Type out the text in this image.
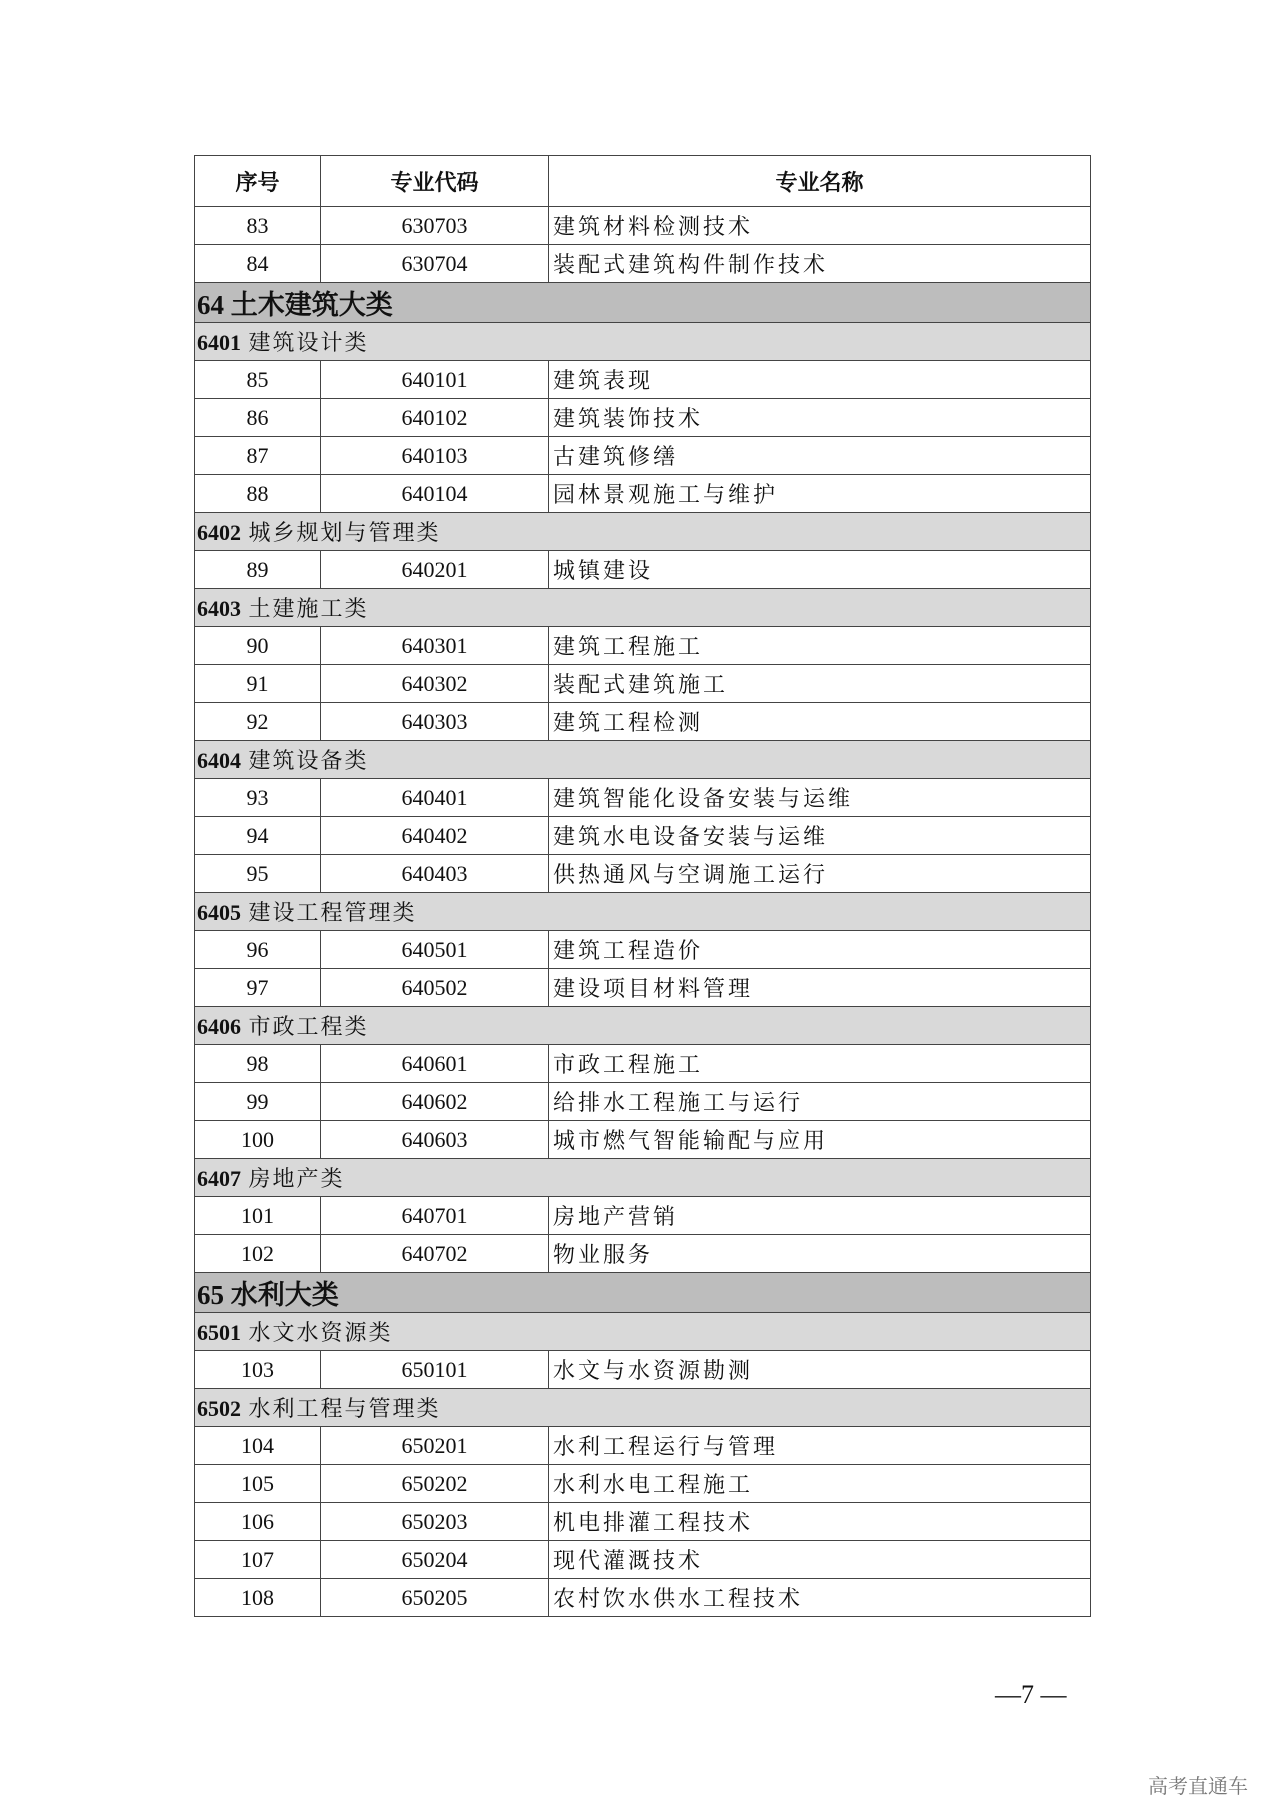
序号	专业代码	专业名称
83	630703	建筑材料检测技术
84	630704	装配式建筑构件制作技术
64 土木建筑大类		
6401 建筑设计类		
85	640101	建筑表现
86	640102	建筑装饰技术
87	640103	古建筑修缮
88	640104	园林景观施工与维护
6402 城乡规划与管理类		
89	640201	城镇建设
6403 土建施工类		
90	640301	建筑工程施工
91	640302	装配式建筑施工
92	640303	建筑工程检测
6404 建筑设备类		
93	640401	建筑智能化设备安装与运维
94	640402	建筑水电设备安装与运维
95	640403	供热通风与空调施工运行
6405 建设工程管理类		
96	640501	建筑工程造价
97	640502	建设项目材料管理
6406 市政工程类		
98	640601	市政工程施工
99	640602	给排水工程施工与运行
100	640603	城市燃气智能输配与应用
6407 房地产类		
101	640701	房地产营销
102	640702	物业服务
65 水利大类		
6501 水文水资源类		
103	650101	水文与水资源勘测
6502 水利工程与管理类		
104	650201	水利工程运行与管理
105	650202	水利水电工程施工
106	650203	机电排灌工程技术
107	650204	现代灌溉技术
108	650205	农村饮水供水工程技术
—7 —
高考直通车
